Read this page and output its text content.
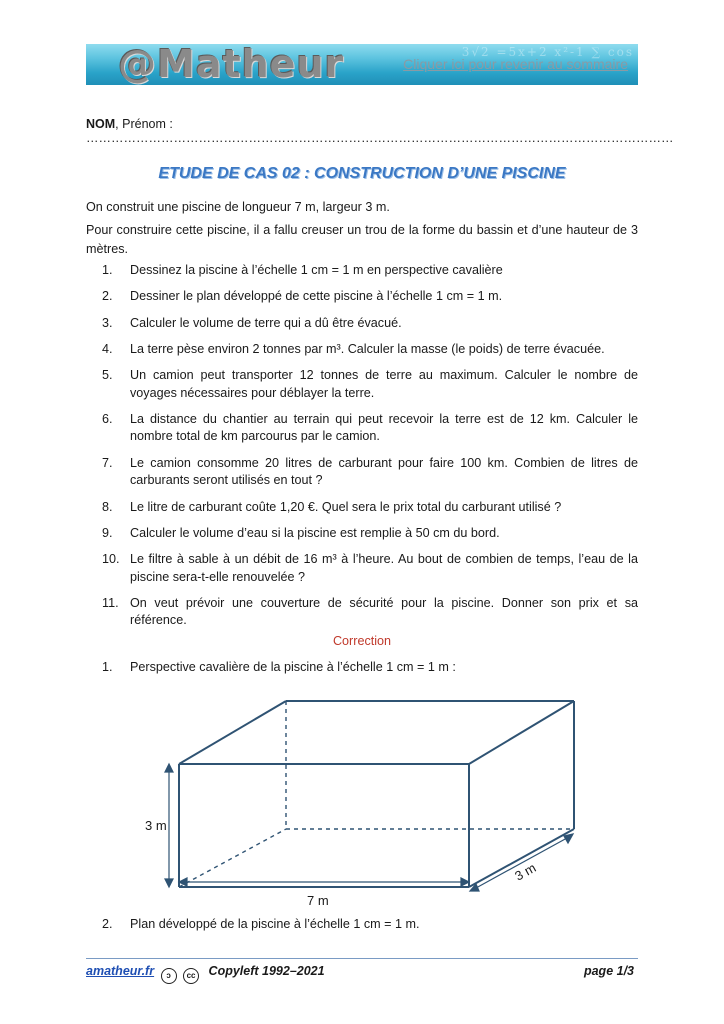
3√2 =5x+2 x²-1 ∑ cos
@Matheur	Cliquer ici pour revenir au sommaire
NOM, Prénom : ……………………………………………………………………………………………………………………………
ETUDE DE CAS 02 : CONSTRUCTION D’UNE PISCINE
On construit une piscine de longueur 7 m, largeur 3 m.
Pour construire cette piscine, il a fallu creuser un trou de la forme du bassin et d’une hauteur de 3 mètres.
1. Dessinez la piscine à l’échelle 1 cm = 1 m en perspective cavalière
2. Dessiner le plan développé de cette piscine à l’échelle 1 cm = 1 m.
3. Calculer le volume de terre qui a dû être évacué.
4. La terre pèse environ 2 tonnes par m³. Calculer la masse (le poids) de terre évacuée.
5. Un camion peut transporter 12 tonnes de terre au maximum. Calculer le nombre de voyages nécessaires pour déblayer la terre.
6. La distance du chantier au terrain qui peut recevoir la terre est de 12 km. Calculer le nombre total de km parcourus par le camion.
7. Le camion consomme 20 litres de carburant pour faire 100 km. Combien de litres de carburants seront utilisés en tout ?
8. Le litre de carburant coûte 1,20 €. Quel sera le prix total du carburant utilisé ?
9. Calculer le volume d’eau si la piscine est remplie à 50 cm du bord.
10. Le filtre à sable à un débit de 16 m³ à l’heure. Au bout de combien de temps, l’eau de la piscine sera-t-elle renouvelée ?
11. On veut prévoir une couverture de sécurité pour la piscine. Donner son prix et sa référence.
Correction
1. Perspective cavalière de la piscine à l’échelle 1 cm = 1 m :
3 m
7 m
3 m
2. Plan développé de la piscine à l’échelle 1 cm = 1 m.
amatheur.fr ↄ cc Copyleft 1992–2021	page 1/3
